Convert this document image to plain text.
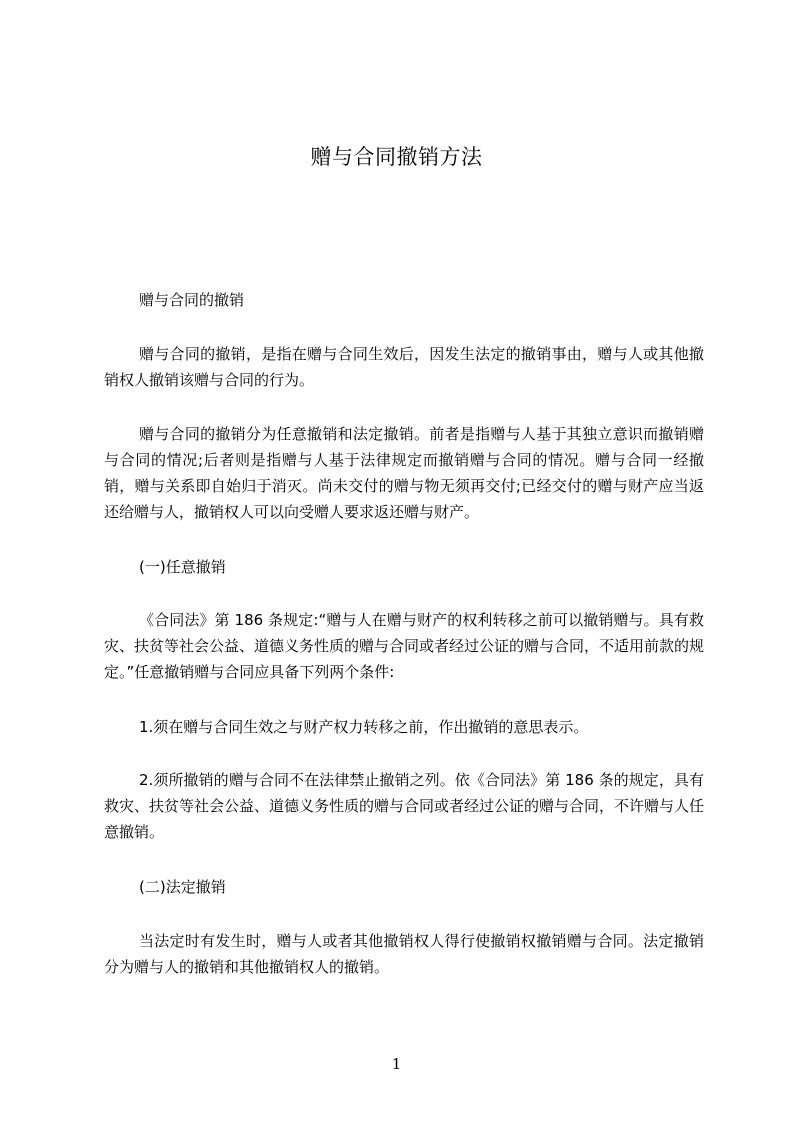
赠与合同撤销方法

赠与合同的撤销

赠与合同的撤销，是指在赠与合同生效后，因发生法定的撤销事由，赠与人或其他撤销权人撤销该赠与合同的行为。

赠与合同的撤销分为任意撤销和法定撤销。前者是指赠与人基于其独立意识而撤销赠与合同的情况;后者则是指赠与人基于法律规定而撤销赠与合同的情况。赠与合同一经撤销，赠与关系即自始归于消灭。尚未交付的赠与物无须再交付;已经交付的赠与财产应当返还给赠与人，撤销权人可以向受赠人要求返还赠与财产。

(一)任意撤销

《合同法》第 186 条规定:“赠与人在赠与财产的权利转移之前可以撤销赠与。具有救灾、扶贫等社会公益、道德义务性质的赠与合同或者经过公证的赠与合同，不适用前款的规定。”任意撤销赠与合同应具备下列两个条件:

1.须在赠与合同生效之与财产权力转移之前，作出撤销的意思表示。

2.须所撤销的赠与合同不在法律禁止撤销之列。依《合同法》第 186 条的规定，具有救灾、扶贫等社会公益、道德义务性质的赠与合同或者经过公证的赠与合同，不许赠与人任意撤销。

(二)法定撤销

当法定时有发生时，赠与人或者其他撤销权人得行使撤销权撤销赠与合同。法定撤销分为赠与人的撤销和其他撤销权人的撤销。

1
